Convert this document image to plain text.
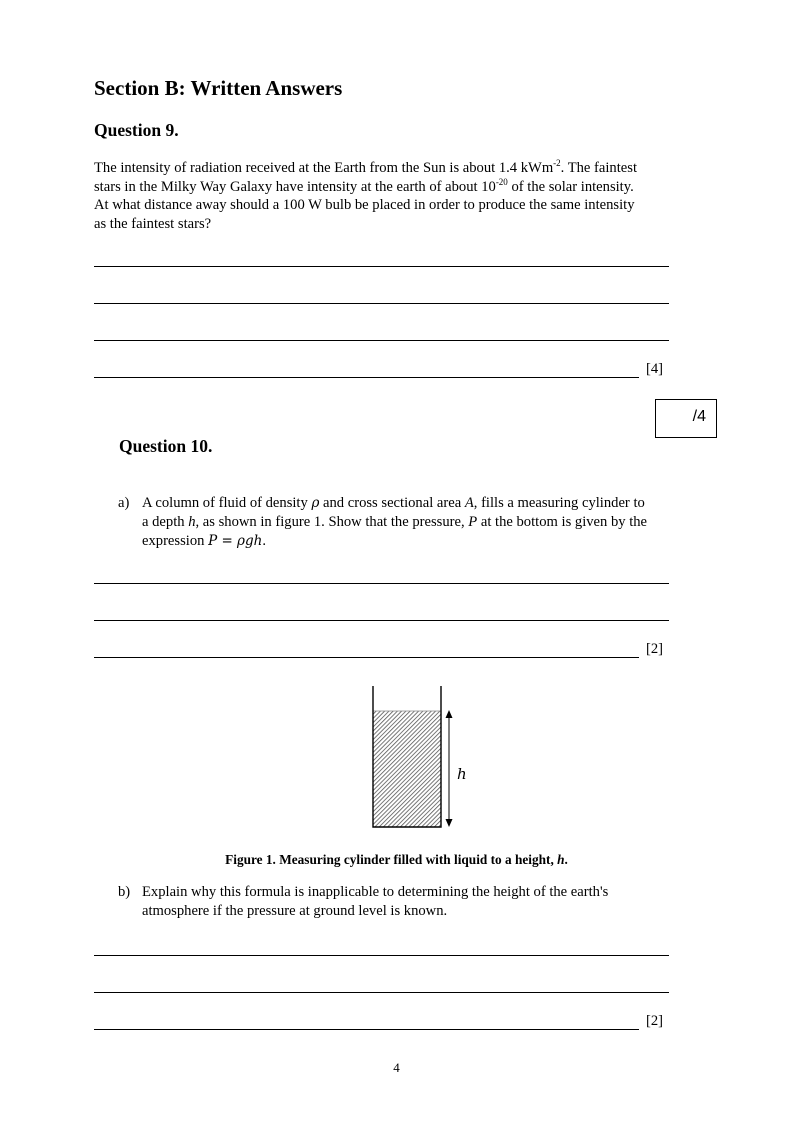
Section B: Written Answers
Question 9.
The intensity of radiation received at the Earth from the Sun is about 1.4 kWm$^{-2}$. The faintest
stars in the Milky Way Galaxy have intensity at the earth of about $10^{-20}$ of the solar intensity.
At what distance away should a 100 W bulb be placed in order to produce the same intensity
as the faintest stars?
[4]
/4
Question 10.
a) A column of fluid of density ρ and cross sectional area A, fills a measuring cylinder to
a depth h, as shown in figure 1. Show that the pressure, P at the bottom is given by the
expression P = ρgh.
[2]
h
Figure 1. Measuring cylinder filled with liquid to a height, h.
b) Explain why this formula is inapplicable to determining the height of the earth's
atmosphere if the pressure at ground level is known.
[2]
4
